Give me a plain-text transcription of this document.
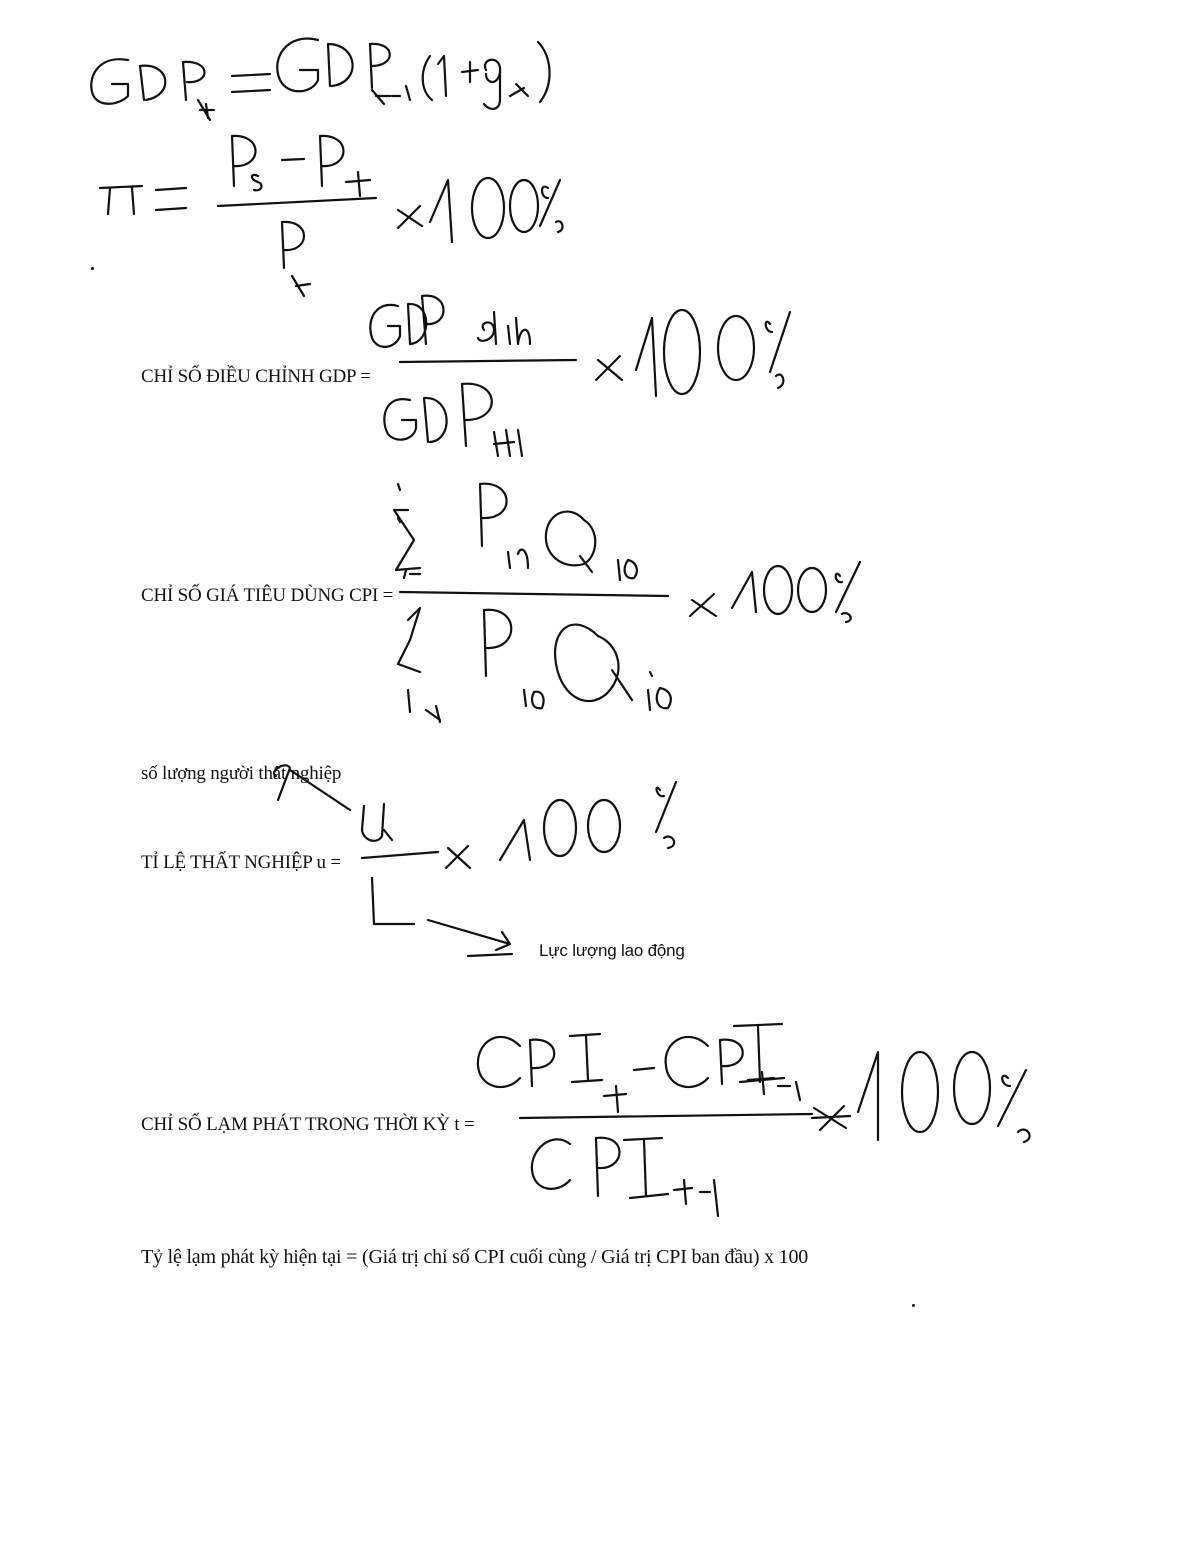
CHỈ SỐ ĐIỀU CHỈNH GDP =
CHỈ SỐ GIÁ TIÊU DÙNG CPI =
số lượng người thất nghiệp
TỈ LỆ THẤT NGHIỆP u =
Lực lượng lao động
CHỈ SỐ LẠM PHÁT TRONG THỜI KỲ t =
Tỷ lệ lạm phát kỳ hiện tại = (Giá trị chỉ số CPI cuối cùng / Giá trị CPI ban đầu) x 100
